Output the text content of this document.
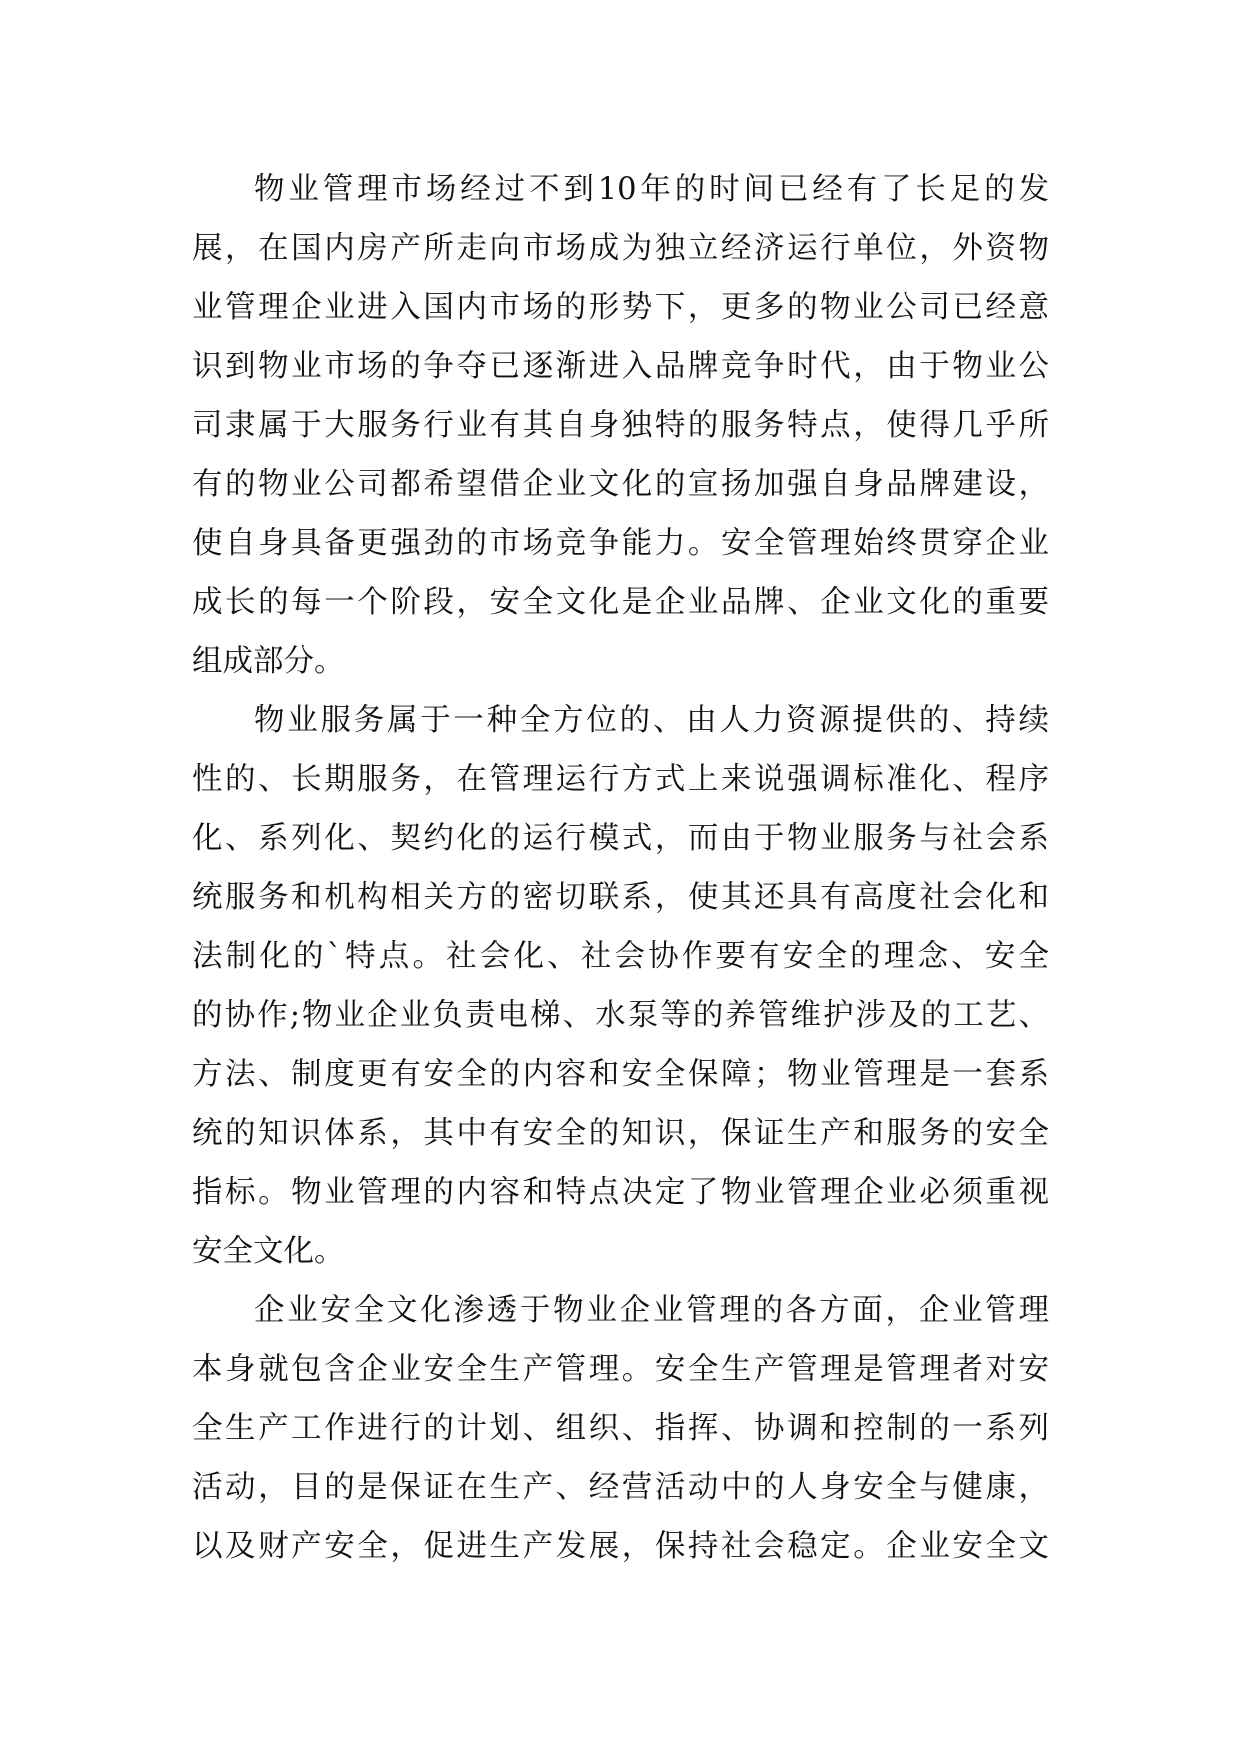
物业管理市场经过不到10年的时间已经有了长足的发
展，在国内房产所走向市场成为独立经济运行单位，外资物
业管理企业进入国内市场的形势下，更多的物业公司已经意
识到物业市场的争夺已逐渐进入品牌竞争时代，由于物业公
司隶属于大服务行业有其自身独特的服务特点，使得几乎所
有的物业公司都希望借企业文化的宣扬加强自身品牌建设，
使自身具备更强劲的市场竞争能力。安全管理始终贯穿企业
成长的每一个阶段，安全文化是企业品牌、企业文化的重要
组成部分。
物业服务属于一种全方位的、由人力资源提供的、持续
性的、长期服务，在管理运行方式上来说强调标准化、程序
化、系列化、契约化的运行模式，而由于物业服务与社会系
统服务和机构相关方的密切联系，使其还具有高度社会化和
法制化的`特点。社会化、社会协作要有安全的理念、安全
的协作;物业企业负责电梯、水泵等的养管维护涉及的工艺、
方法、制度更有安全的内容和安全保障；物业管理是一套系
统的知识体系，其中有安全的知识，保证生产和服务的安全
指标。物业管理的内容和特点决定了物业管理企业必须重视
安全文化。
企业安全文化渗透于物业企业管理的各方面，企业管理
本身就包含企业安全生产管理。安全生产管理是管理者对安
全生产工作进行的计划、组织、指挥、协调和控制的一系列
活动，目的是保证在生产、经营活动中的人身安全与健康，
以及财产安全，促进生产发展，保持社会稳定。企业安全文
